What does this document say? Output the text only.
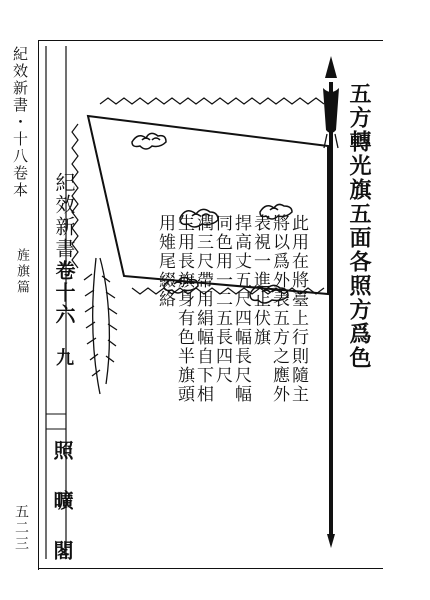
紀效新書・十八卷本
旌旗篇
五二三
五方轉光旗五面各照方爲色
此用在將臺上行則隨主
將以爲外表五方之應外
表視一進止伏旗
捍高丈五尺四幅長尺幅
同色用一二五長四尺
潤三尺帶用絹幅自下相
生用長旗身有色半旗頭
用雉尾綴絡
紀效新書卷十六
九
照 曠 閣
